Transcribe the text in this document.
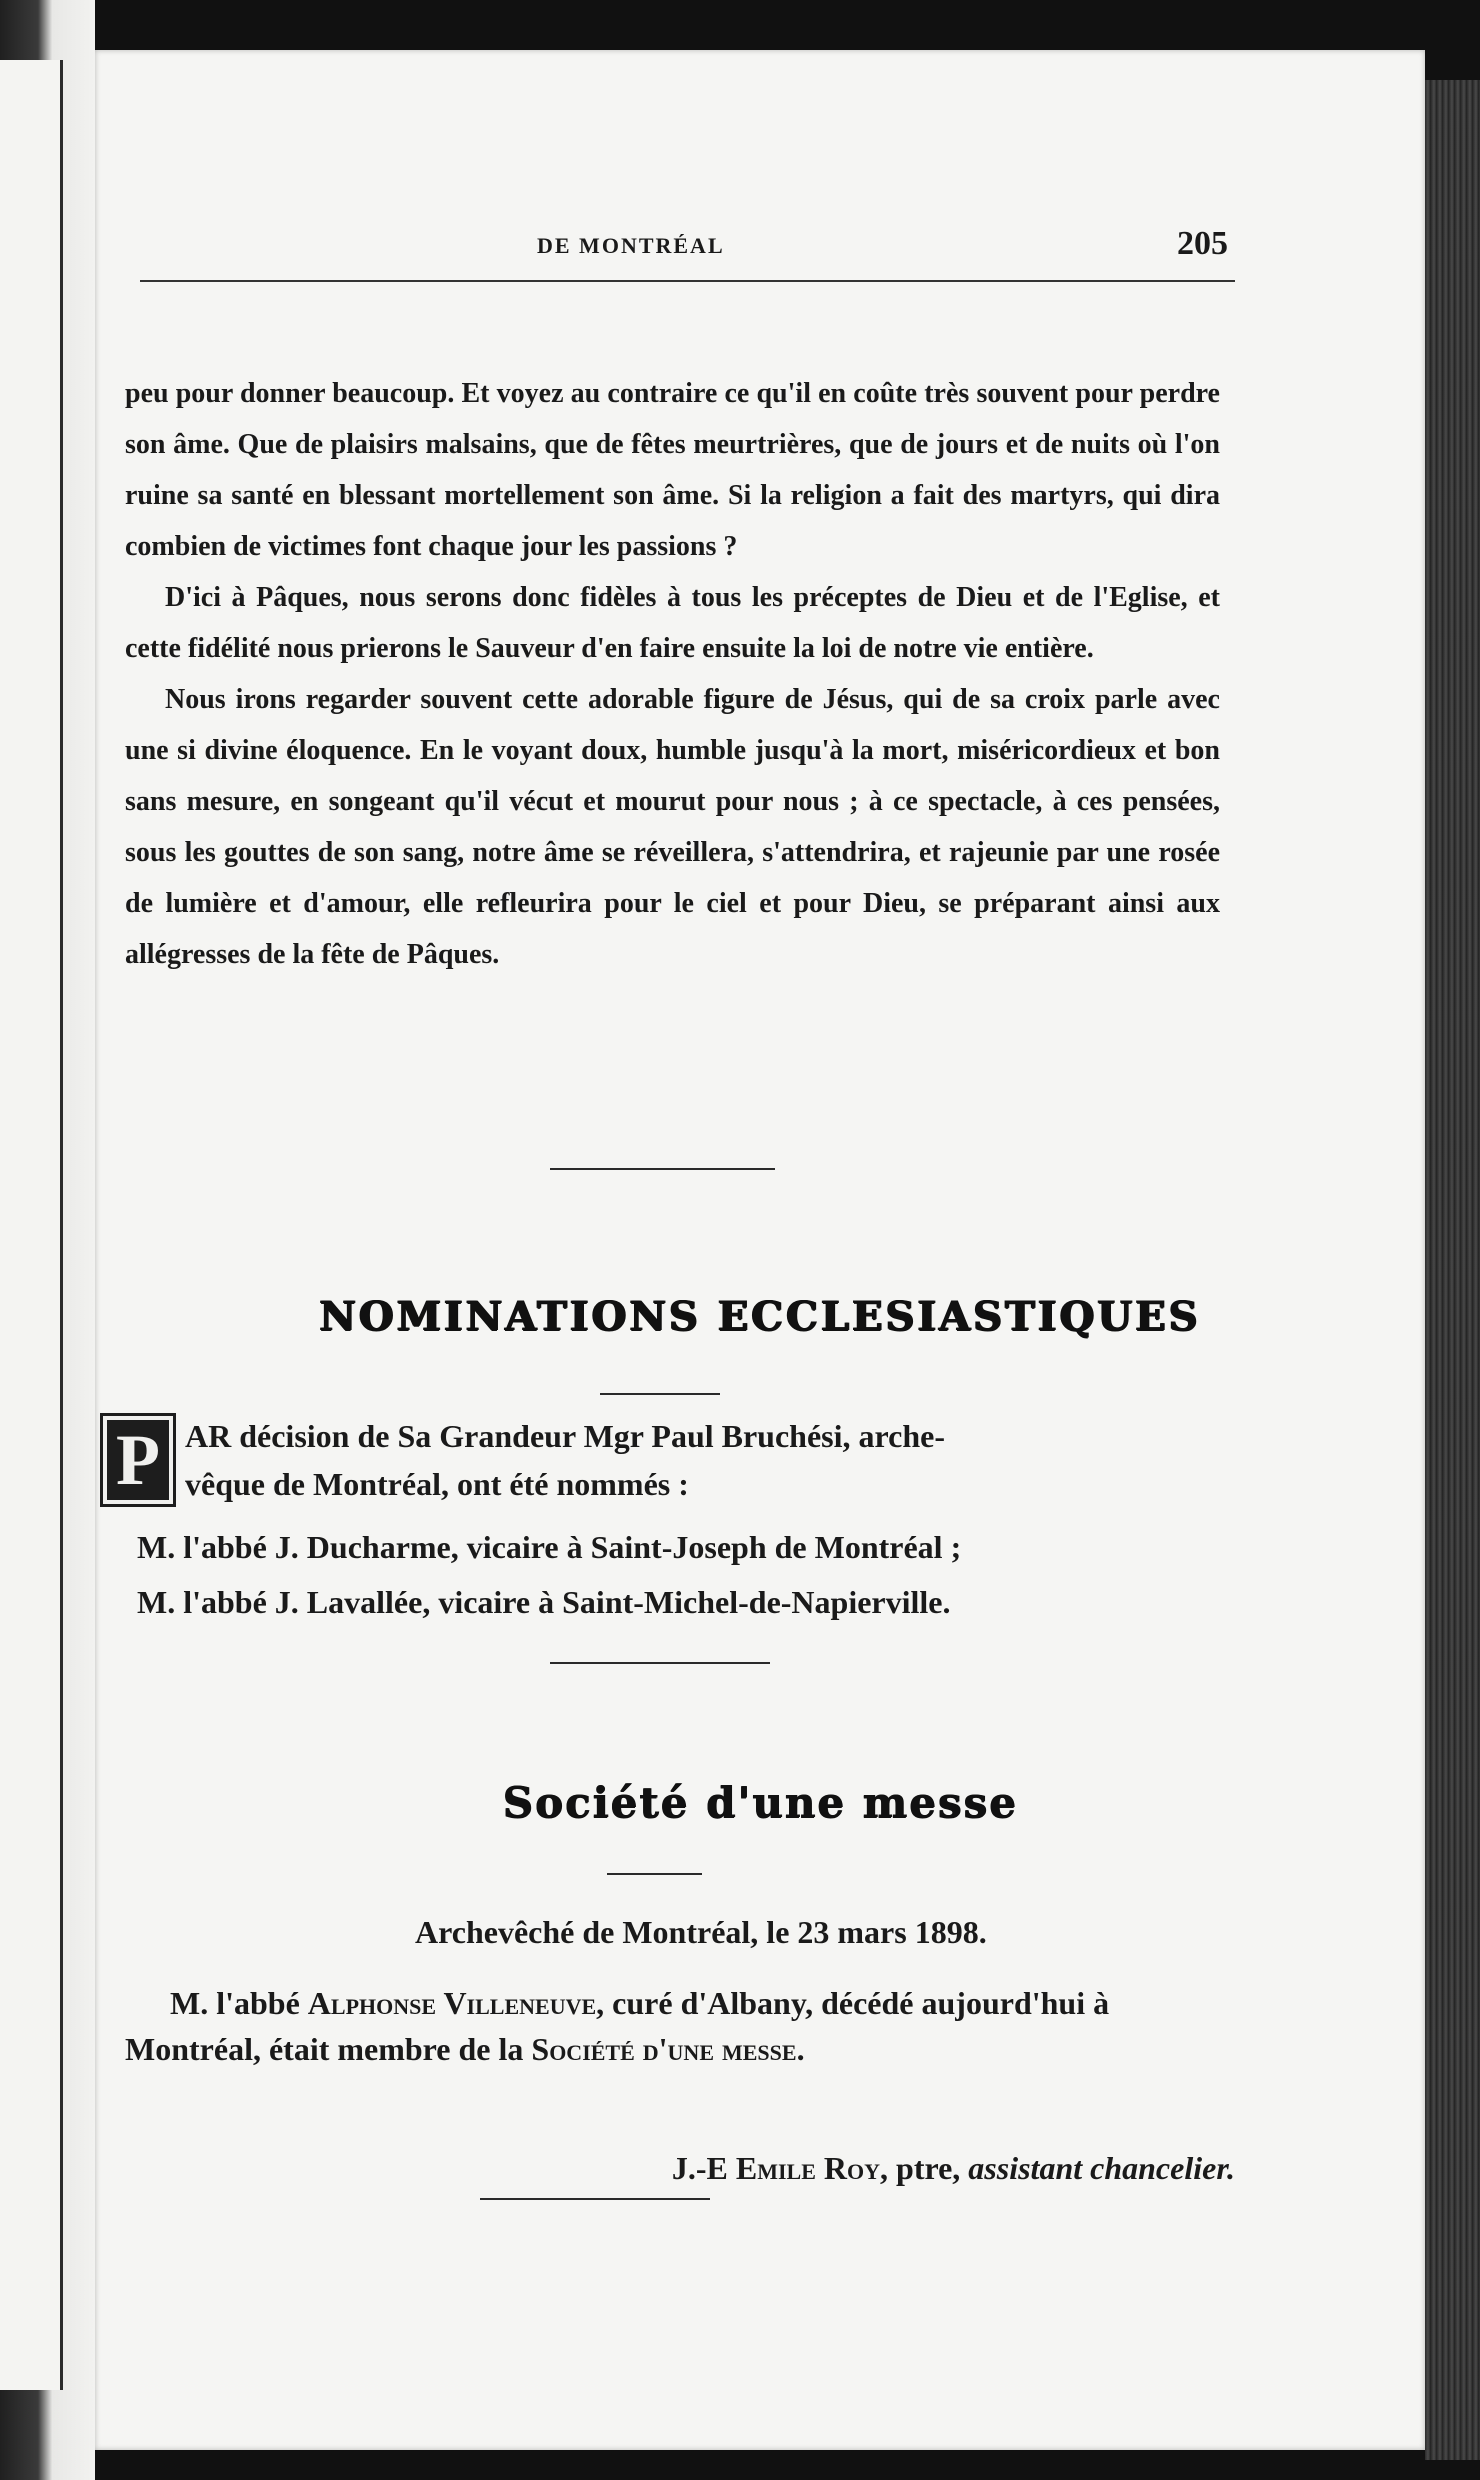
DE MONTRÉAL	205

peu pour donner beaucoup. Et voyez au contraire ce qu'il en coûte très souvent pour perdre son âme. Que de plaisirs malsains, que de fêtes meurtrières, que de jours et de nuits où l'on ruine sa santé en blessant mortellement son âme. Si la religion a fait des martyrs, qui dira combien de victimes font chaque jour les passions ?

D'ici à Pâques, nous serons donc fidèles à tous les préceptes de Dieu et de l'Eglise, et cette fidélité nous prierons le Sauveur d'en faire ensuite la loi de notre vie entière.

Nous irons regarder souvent cette adorable figure de Jésus, qui de sa croix parle avec une si divine éloquence. En le voyant doux, humble jusqu'à la mort, miséricordieux et bon sans mesure, en songeant qu'il vécut et mourut pour nous ; à ce spectacle, à ces pensées, sous les gouttes de son sang, notre âme se réveillera, s'attendrira, et rajeunie par une rosée de lumière et d'amour, elle refleurira pour le ciel et pour Dieu, se préparant ainsi aux allégresses de la fête de Pâques.

NOMINATIONS ECCLESIASTIQUES
P AR décision de Sa Grandeur Mgr Paul Bruchési, arche-
vêque de Montréal, ont été nommés :
M. l'abbé J. Ducharme, vicaire à Saint-Joseph de Montréal ;
M. l'abbé J. Lavallée, vicaire à Saint-Michel-de-Napierville.
Société d'une messe
Archevêché de Montréal, le 23 mars 1898.
M. l'abbé Alphonse Villeneuve, curé d'Albany, décédé aujourd'hui à Montréal, était membre de la Société d'une messe.
J.-E Emile Roy, ptre, assistant chancelier.
